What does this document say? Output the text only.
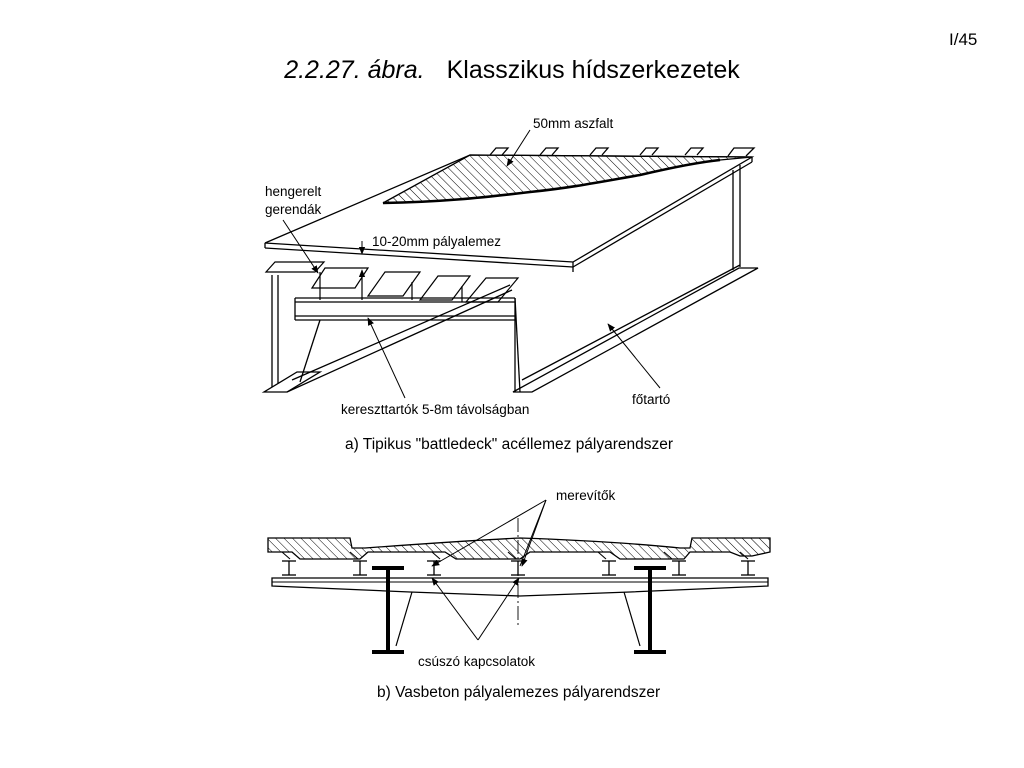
I/45
2.2.27. ábra. Klasszikus hídszerkezetek
50mm aszfalt
hengerelt
gerendák
10-20mm pályalemez
kereszttartók 5-8m távolságban
főtartó
a) Tipikus "battledeck" acéllemez pályarendszer
merevítők
csúszó kapcsolatok
b) Vasbeton pályalemezes pályarendszer
